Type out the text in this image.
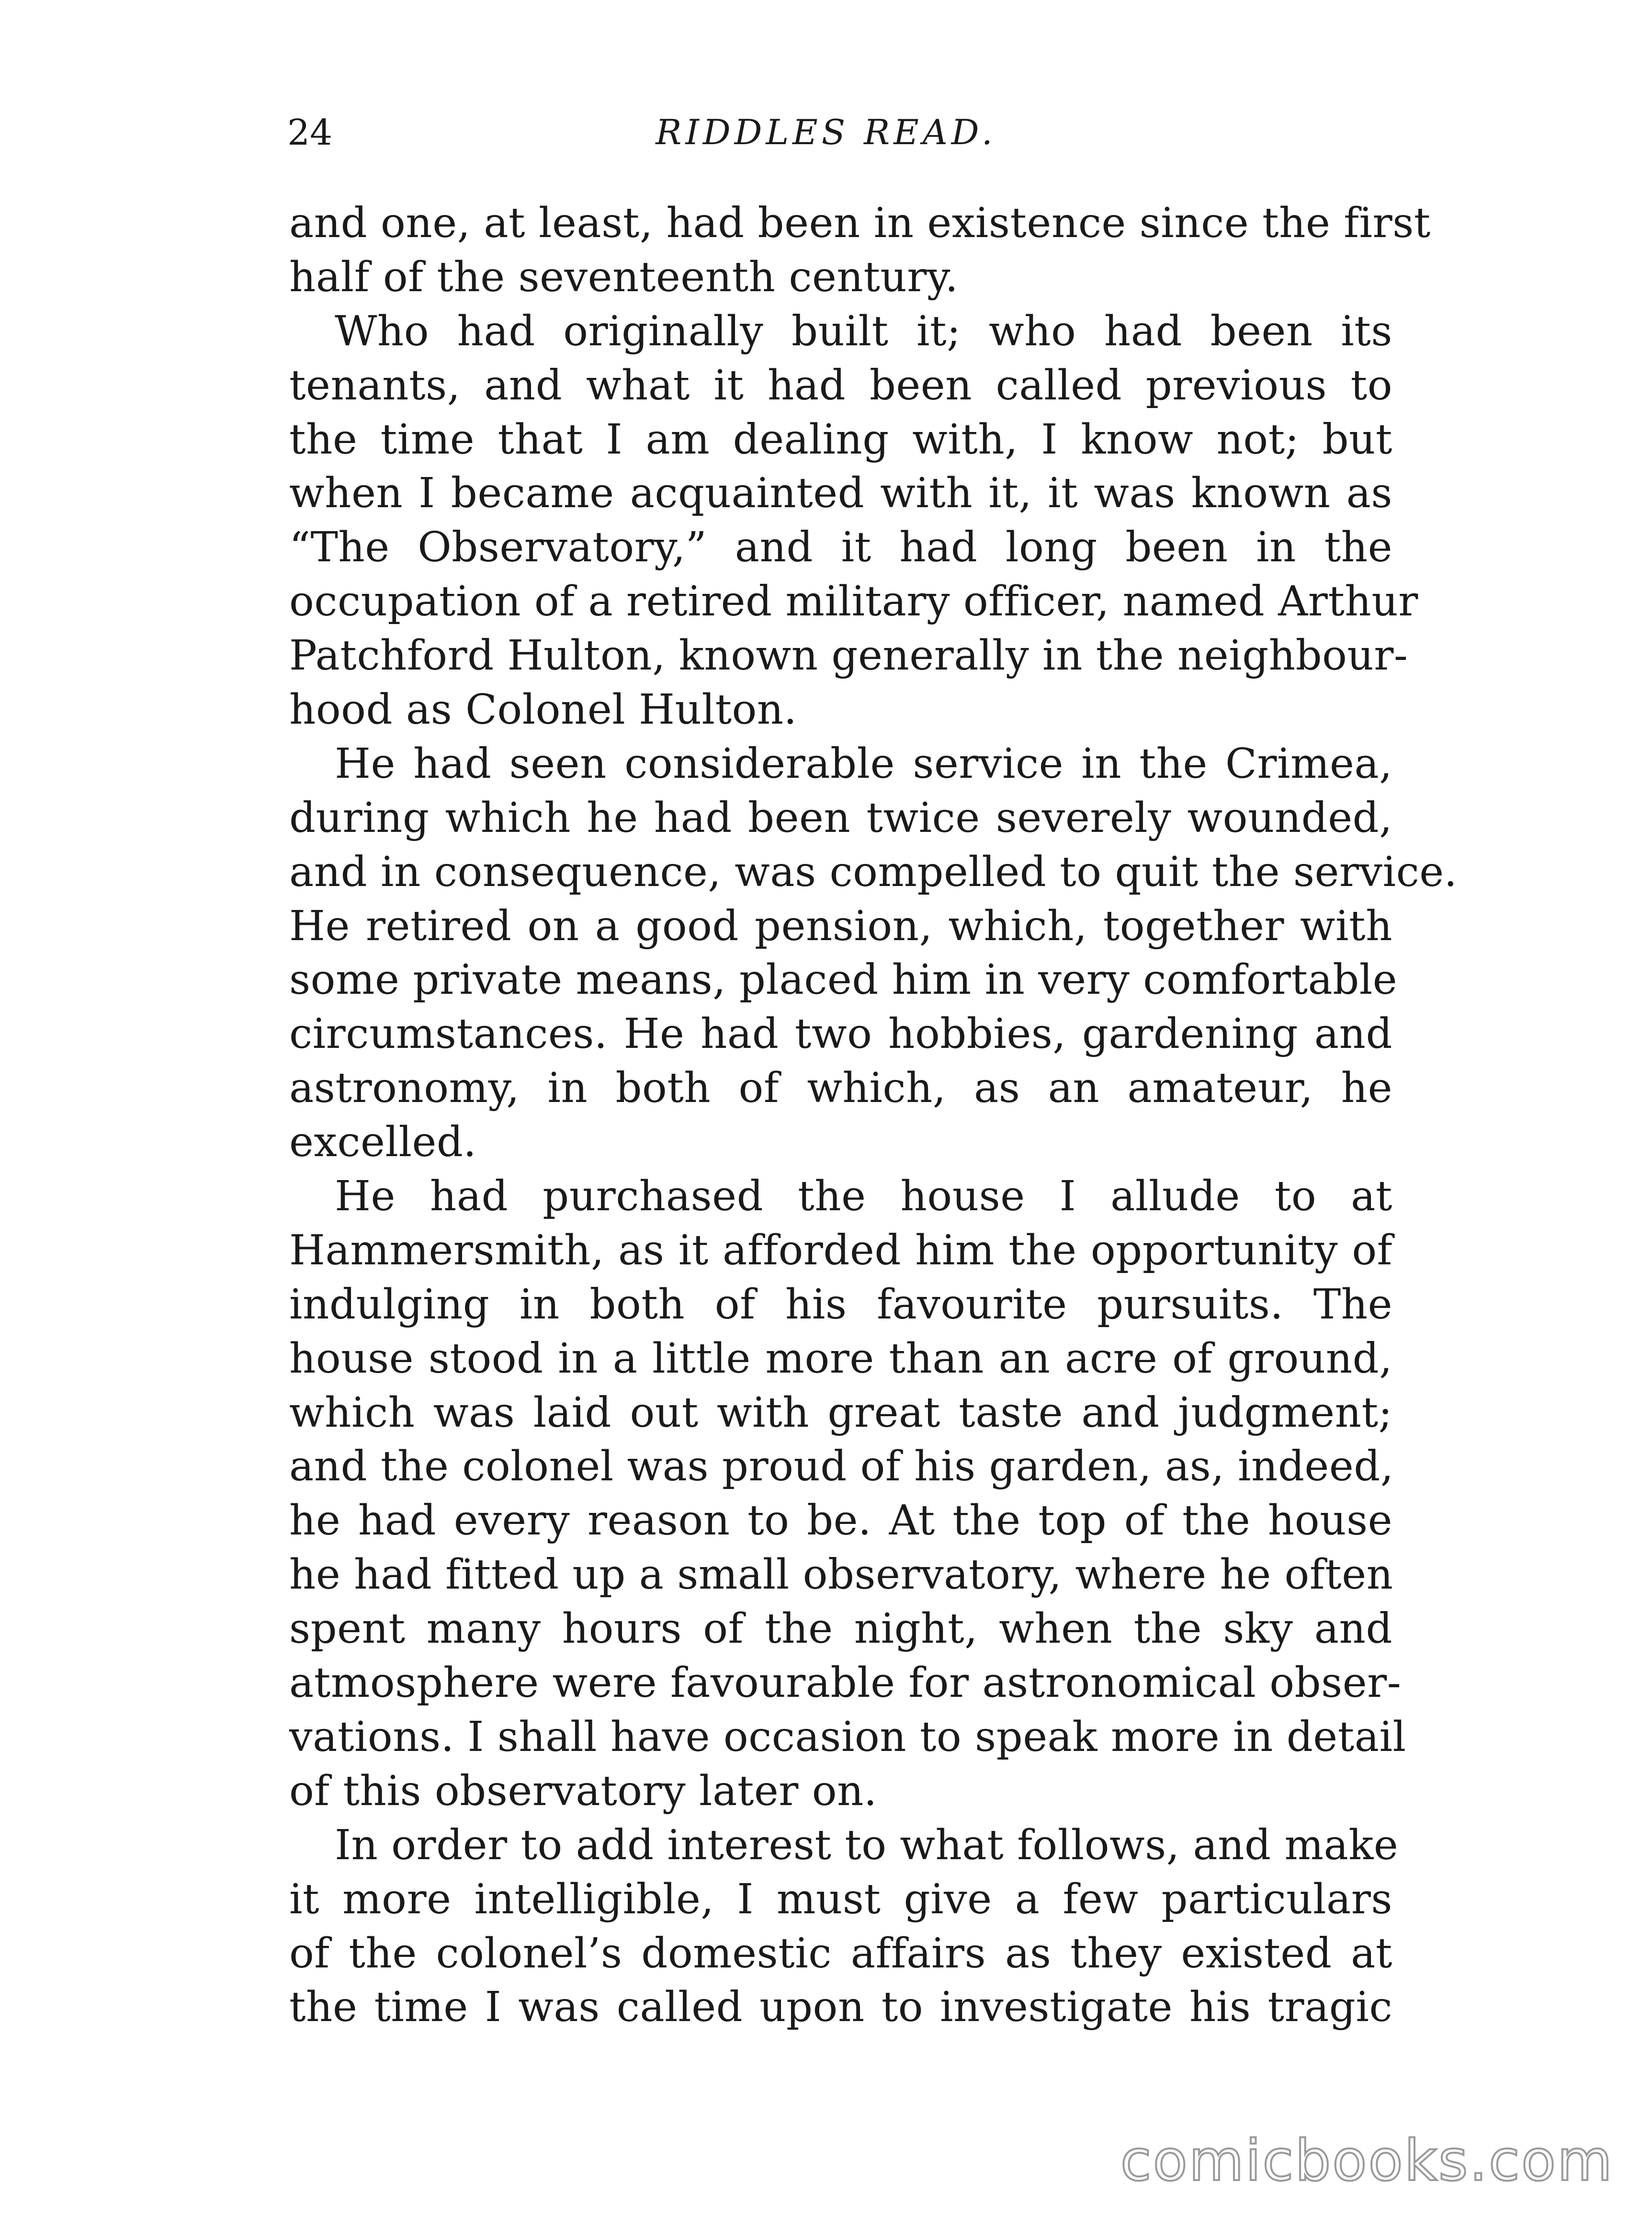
24	RIDDLES READ.
and one, at least, had been in existence since the first
half of the seventeenth century.
Who had originally built it; who had been its
tenants, and what it had been called previous to
the time that I am dealing with, I know not; but
when I became acquainted with it, it was known as
“The Observatory,” and it had long been in the
occupation of a retired military officer, named Arthur
Patchford Hulton, known generally in the neighbour-
hood as Colonel Hulton.
He had seen considerable service in the Crimea,
during which he had been twice severely wounded,
and in consequence, was compelled to quit the service.
He retired on a good pension, which, together with
some private means, placed him in very comfortable
circumstances. He had two hobbies, gardening and
astronomy, in both of which, as an amateur, he
excelled.
He had purchased the house I allude to at
Hammersmith, as it afforded him the opportunity of
indulging in both of his favourite pursuits. The
house stood in a little more than an acre of ground,
which was laid out with great taste and judgment;
and the colonel was proud of his garden, as, indeed,
he had every reason to be. At the top of the house
he had fitted up a small observatory, where he often
spent many hours of the night, when the sky and
atmosphere were favourable for astronomical obser-
vations. I shall have occasion to speak more in detail
of this observatory later on.
In order to add interest to what follows, and make
it more intelligible, I must give a few particulars
of the colonel’s domestic affairs as they existed at
the time I was called upon to investigate his tragic
comicbooks.com
